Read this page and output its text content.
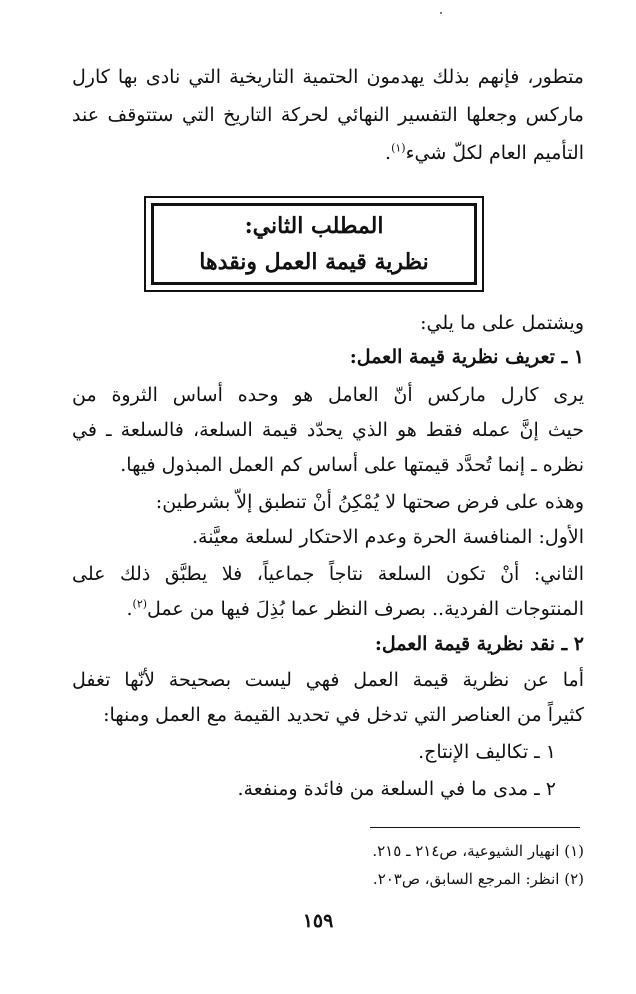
متطور، فإنهم بذلك يهدمون الحتمية التاريخية التي نادى بها كارل
ماركس وجعلها التفسير النهائي لحركة التاريخ التي ستتوقف عند
التأميم العام لكلّ شيء$^{(١)}$.
المطلب الثاني:
نظرية قيمة العمل ونقدها
ويشتمل على ما يلي:
١ ـ تعريف نظرية قيمة العمل:
يرى كارل ماركس أنّ العامل هو وحده أساس الثروة من
حيث إنَّ عمله فقط هو الذي يحدّد قيمة السلعة، فالسلعة ـ في
نظره ـ إنما تُحدَّد قيمتها على أساس كم العمل المبذول فيها.
وهذه على فرض صحتها لا يُمْكِنُ أنْ تنطبق إلاّ بشرطين:
الأول: المنافسة الحرة وعدم الاحتكار لسلعة معيَّنة.
الثاني: أنْ تكون السلعة نتاجاً جماعياً، فلا يطبَّق ذلك على
المنتوجات الفردية.. بصرف النظر عما بُذِلَ فيها من عمل$^{(٢)}$.
٢ ـ نقد نظرية قيمة العمل:
أما عن نظرية قيمة العمل فهي ليست بصحيحة لأنّها تغفل
كثيراً من العناصر التي تدخل في تحديد القيمة مع العمل ومنها:
١ ـ تكاليف الإنتاج.
٢ ـ مدى ما في السلعة من فائدة ومنفعة.
(١) انهيار الشيوعية، ص٢١٤ ـ ٢١٥.
(٢) انظر: المرجع السابق، ص٢٠٣.
١٥٩
